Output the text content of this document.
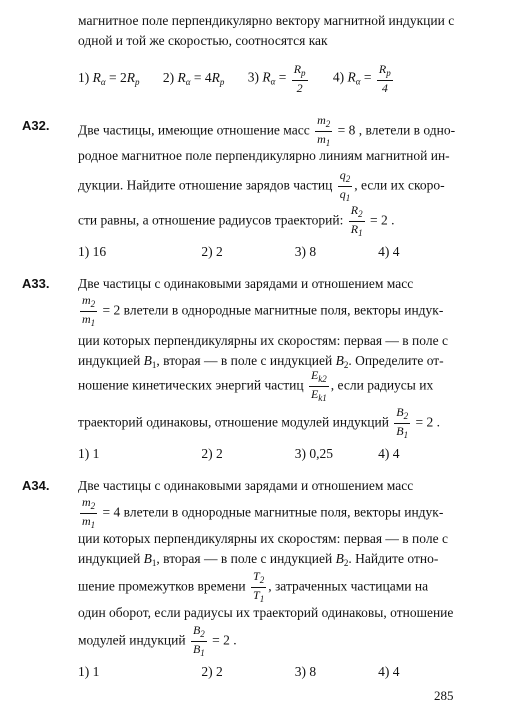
магнитное поле перпендикулярно вектору магнитной индукции с
одной и той же скоростью, соотносятся как
1) $R_\alpha = 2R_p$ 2) $R_\alpha = 4R_p$ 3) $R_\alpha = \frac{R_p}{2} 4$) $R_\alpha = \frac{R_p}{4}$
А32. Две частицы, имеющие отношение масс $\frac{m_2}{m_1} = 8$ , влетели в одно-
родное магнитное поле перпендикулярно линиям магнитной ин-
дукции. Найдите отношение зарядов частиц $\frac{q_2}{q_1}$ , если их скоро-
сти равны, а отношение радиусов траекторий: $\frac{R_2}{R_1} = 2$ .
1) 16	2) 2	3) 8	4) 4
А33. Две частицы с одинаковыми зарядами и отношением масс
$\frac{m_2}{m_1} = 2$ влетели в однородные магнитные поля, векторы индук-
ции которых перпендикулярны их скоростям: первая — в поле с
индукцией $B_1$, вторая — в поле с индукцией $B_2$. Определите от-
ношение кинетических энергий частиц $\frac{E_{k2}}{E_{k1}}$ , если радиусы их
траекторий одинаковы, отношение модулей индукций $\frac{B_2}{B_1} = 2$ .
1) 1	2) 2	3) 0,25	4) 4
А34. Две частицы с одинаковыми зарядами и отношением масс
$\frac{m_2}{m_1} = 4$ влетели в однородные магнитные поля, векторы индук-
ции которых перпендикулярны их скоростям: первая — в поле с
индукцией $B_1$, вторая — в поле с индукцией $B_2$. Найдите отно-
шение промежутков времени $\frac{T_2}{T_1}$ , затраченных частицами на
один оборот, если радиусы их траекторий одинаковы, отношение
модулей индукций $\frac{B_2}{B_1} = 2$ .
1) 1	2) 2	3) 8	4) 4
285
